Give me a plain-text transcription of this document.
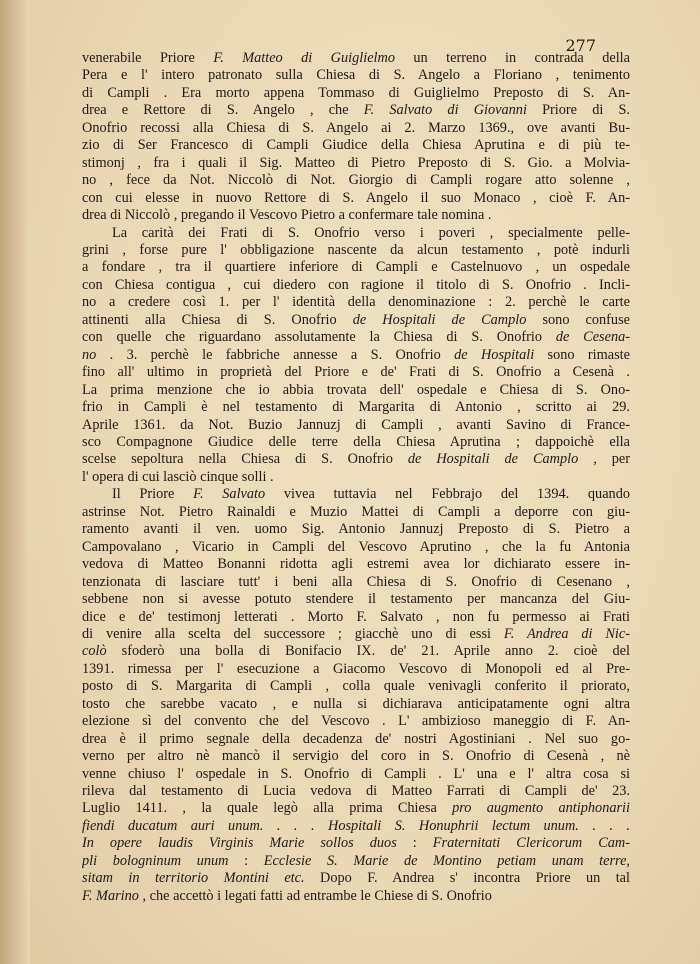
277
venerabile Priore F. Matteo di Guiglielmo un terreno in contrada della
Pera e l' intero patronato sulla Chiesa di S. Angelo a Floriano , tenimento
di Campli . Era morto appena Tommaso di Guiglielmo Preposto di S. An-
drea e Rettore di S. Angelo , che F. Salvato di Giovanni Priore di S.
Onofrio recossi alla Chiesa di S. Angelo ai 2. Marzo 1369., ove avanti Bu-
zio di Ser Francesco di Campli Giudice della Chiesa Aprutina e di più te-
stimonj , fra i quali il Sig. Matteo di Pietro Preposto di S. Gio. a Molvia-
no , fece da Not. Niccolò di Not. Giorgio di Campli rogare atto solenne ,
con cui elesse in nuovo Rettore di S. Angelo il suo Monaco , cioè F. An-
drea di Niccolò , pregando il Vescovo Pietro a confermare tale nomina .
La carità dei Frati di S. Onofrio verso i poveri , specialmente pelle-
grini , forse pure l' obbligazione nascente da alcun testamento , potè indurli
a fondare , tra il quartiere inferiore di Campli e Castelnuovo , un ospedale
con Chiesa contigua , cui diedero con ragione il titolo di S. Onofrio . Incli-
no a credere così 1. per l' identità della denominazione : 2. perchè le carte
attinenti alla Chiesa di S. Onofrio de Hospitali de Camplo sono confuse
con quelle che riguardano assolutamente la Chiesa di S. Onofrio de Cesena-
no . 3. perchè le fabbriche annesse a S. Onofrio de Hospitali sono rimaste
fino all' ultimo in proprietà del Priore e de' Frati di S. Onofrio a Cesenà .
La prima menzione che io abbia trovata dell' ospedale e Chiesa di S. Ono-
frio in Campli è nel testamento di Margarita di Antonio , scritto ai 29.
Aprile 1361. da Not. Buzio Jannuzj di Campli , avanti Savino di France-
sco Compagnone Giudice delle terre della Chiesa Aprutina ; dappoichè ella
scelse sepoltura nella Chiesa di S. Onofrio de Hospitali de Camplo , per
l' opera di cui lasciò cinque solli .
Il Priore F. Salvato vivea tuttavia nel Febbrajo del 1394. quando
astrinse Not. Pietro Rainaldi e Muzio Mattei di Campli a deporre con giu-
ramento avanti il ven. uomo Sig. Antonio Jannuzj Preposto di S. Pietro a
Campovalano , Vicario in Campli del Vescovo Aprutino , che la fu Antonia
vedova di Matteo Bonanni ridotta agli estremi avea lor dichiarato essere in-
tenzionata di lasciare tutt' i beni alla Chiesa di S. Onofrio di Cesenano ,
sebbene non si avesse potuto stendere il testamento per mancanza del Giu-
dice e de' testimonj letterati . Morto F. Salvato , non fu permesso ai Frati
di venire alla scelta del successore ; giacchè uno di essi F. Andrea di Nic-
colò sfoderò una bolla di Bonifacio IX. de' 21. Aprile anno 2. cioè del
1391. rimessa per l' esecuzione a Giacomo Vescovo di Monopoli ed al Pre-
posto di S. Margarita di Campli , colla quale venivagli conferito il priorato,
tosto che sarebbe vacato , e nulla si dichiarava anticipatamente ogni altra
elezione sì del convento che del Vescovo . L' ambizioso maneggio di F. An-
drea è il primo segnale della decadenza de' nostri Agostiniani . Nel suo go-
verno per altro nè mancò il servigio del coro in S. Onofrio di Cesenà , nè
venne chiuso l' ospedale in S. Onofrio di Campli . L' una e l' altra cosa si
rileva dal testamento di Lucia vedova di Matteo Farrati di Campli de' 23.
Luglio 1411. , la quale legò alla prima Chiesa pro augmento antiphonarii
fiendi ducatum auri unum. . . . Hospitali S. Honuphrii lectum unum. . . .
In opere laudis Virginis Marie sollos duos : Fraternitati Clericorum Cam-
pli bologninum unum : Ecclesie S. Marie de Montino petiam unam terre,
sitam in territorio Montini etc. Dopo F. Andrea s' incontra Priore un tal
F. Marino , che accettò i legati fatti ad entrambe le Chiese di S. Onofrio
